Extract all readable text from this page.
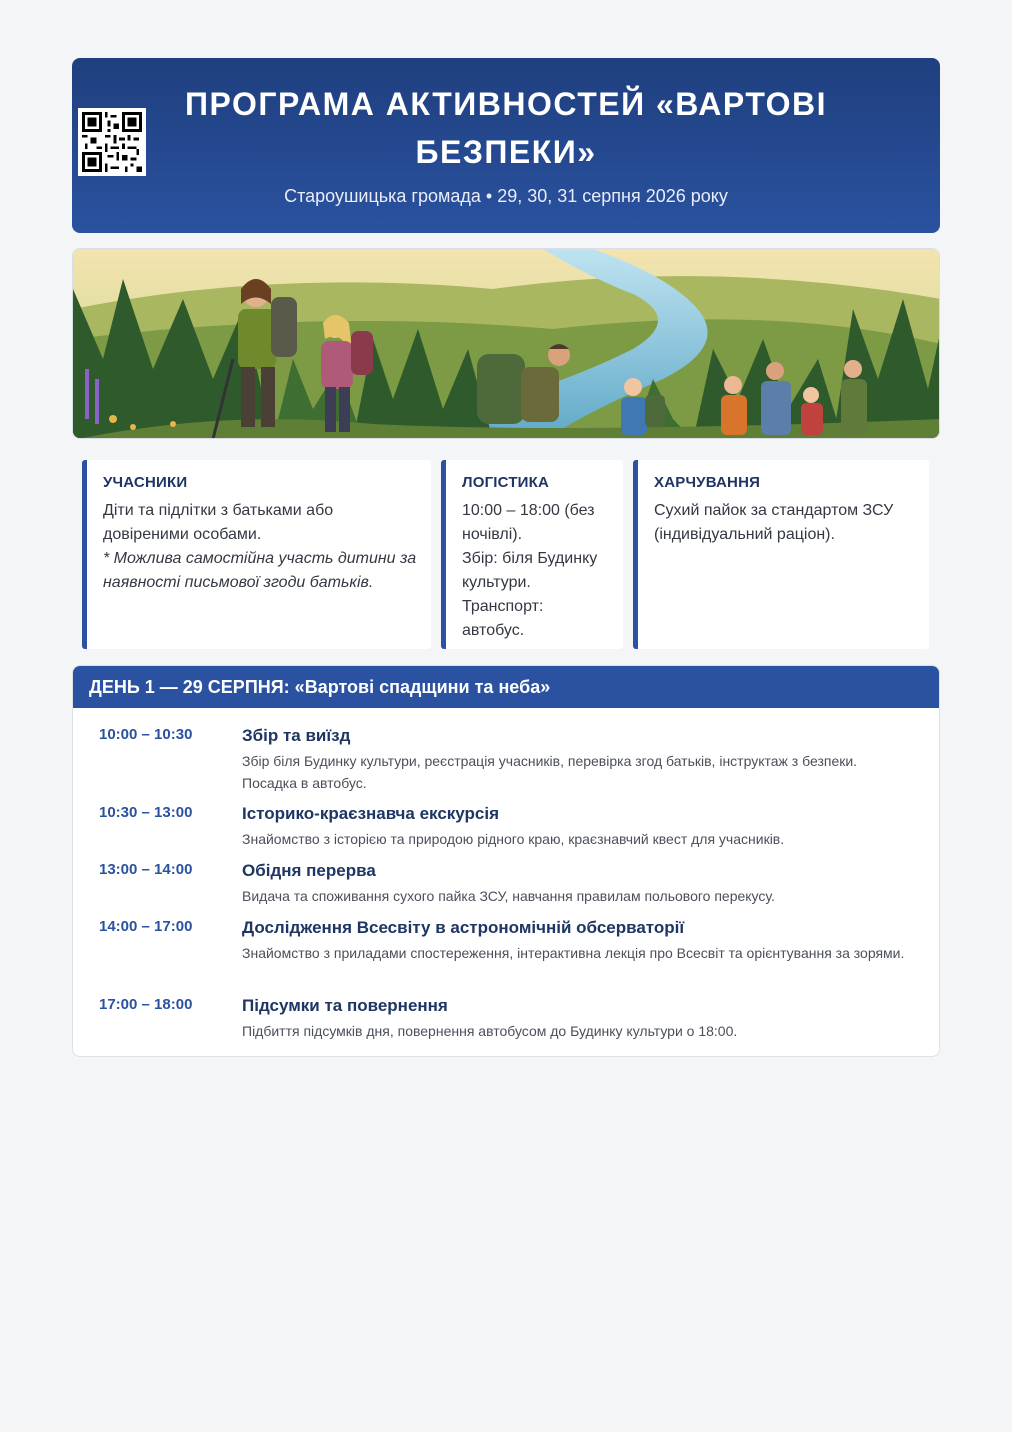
ПРОГРАМА АКТИВНОСТЕЙ «ВАРТОВІ БЕЗПЕКИ»
Староушицька громада • 29, 30, 31 серпня 2026 року
УЧАСНИКИ

Діти та підлітки з батьками або довіреними особами.

* Можлива самостійна участь дитини за наявності письмової згоди батьків.

ЛОГІСТИКА

10:00 – 18:00 (без ночівлі).

Збір: біля Будинку культури.

Транспорт: автобус.

ХАРЧУВАННЯ

Сухий пайок за стандартом ЗСУ (індивідуальний раціон).

ДЕНЬ 1 — 29 СЕРПНЯ: «Вартові спадщини та неба»
10:00 – 10:30	Збір та виїзд
Збір біля Будинку культури, реєстрація учасників, перевірка згод батьків, інструктаж з безпеки. Посадка в автобус.
10:30 – 13:00	Історико-краєзнавча екскурсія
Знайомство з історією та природою рідного краю, краєзнавчий квест для учасників.
13:00 – 14:00	Обідня перерва
Видача та споживання сухого пайка ЗСУ, навчання правилам польового перекусу.
14:00 – 17:00	Дослідження Всесвіту в астрономічній обсерваторії
Знайомство з приладами спостереження, інтерактивна лекція про Всесвіт та орієнтування за зорями.
17:00 – 18:00	Підсумки та повернення
Підбиття підсумків дня, повернення автобусом до Будинку культури о 18:00.
